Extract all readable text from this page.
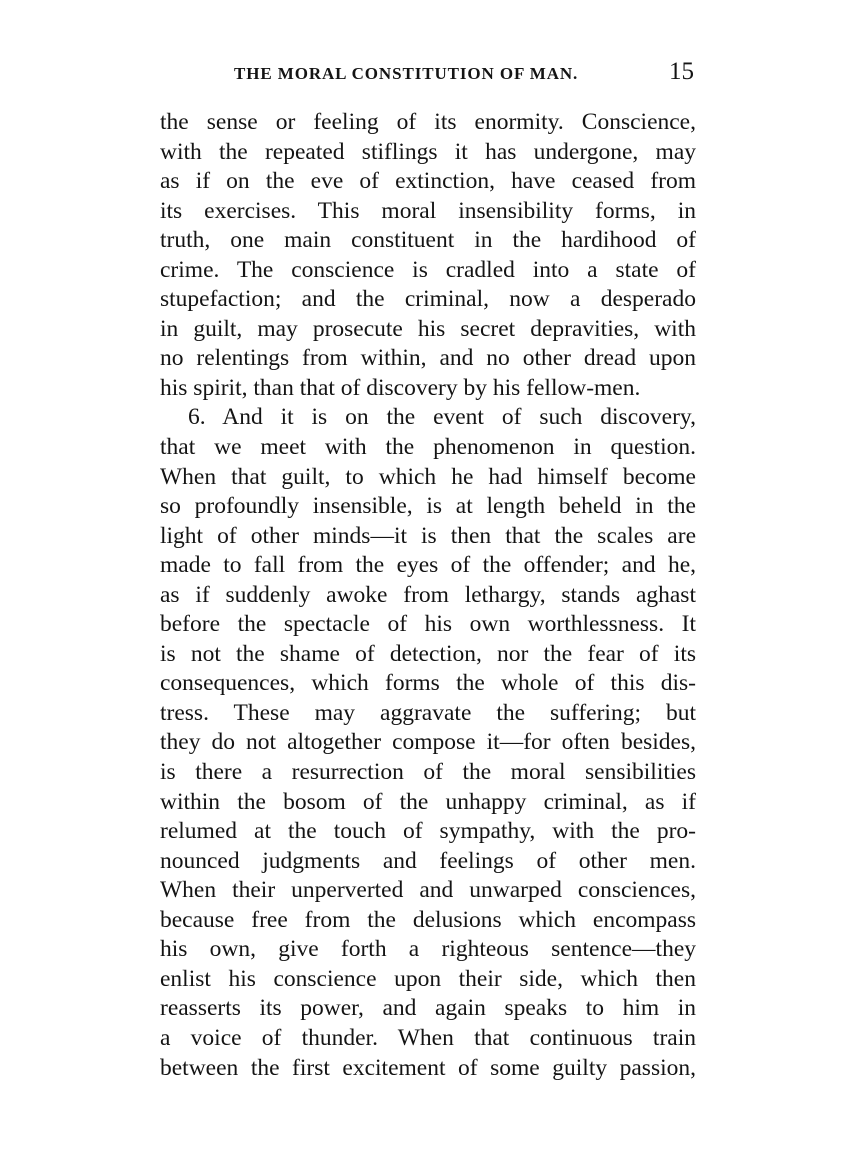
THE MORAL CONSTITUTION OF MAN.	15
the sense or feeling of its enormity. Conscience,
with the repeated stiflings it has undergone, may
as if on the eve of extinction, have ceased from
its exercises. This moral insensibility forms, in
truth, one main constituent in the hardihood of
crime. The conscience is cradled into a state of
stupefaction; and the criminal, now a desperado
in guilt, may prosecute his secret depravities, with
no relentings from within, and no other dread upon
his spirit, than that of discovery by his fellow-men.
6. And it is on the event of such discovery,
that we meet with the phenomenon in question.
When that guilt, to which he had himself become
so profoundly insensible, is at length beheld in the
light of other minds—it is then that the scales are
made to fall from the eyes of the offender; and he,
as if suddenly awoke from lethargy, stands aghast
before the spectacle of his own worthlessness. It
is not the shame of detection, nor the fear of its
consequences, which forms the whole of this dis-
tress. These may aggravate the suffering; but
they do not altogether compose it—for often besides,
is there a resurrection of the moral sensibilities
within the bosom of the unhappy criminal, as if
relumed at the touch of sympathy, with the pro-
nounced judgments and feelings of other men.
When their unperverted and unwarped consciences,
because free from the delusions which encompass
his own, give forth a righteous sentence—they
enlist his conscience upon their side, which then
reasserts its power, and again speaks to him in
a voice of thunder. When that continuous train
between the first excitement of some guilty passion,
